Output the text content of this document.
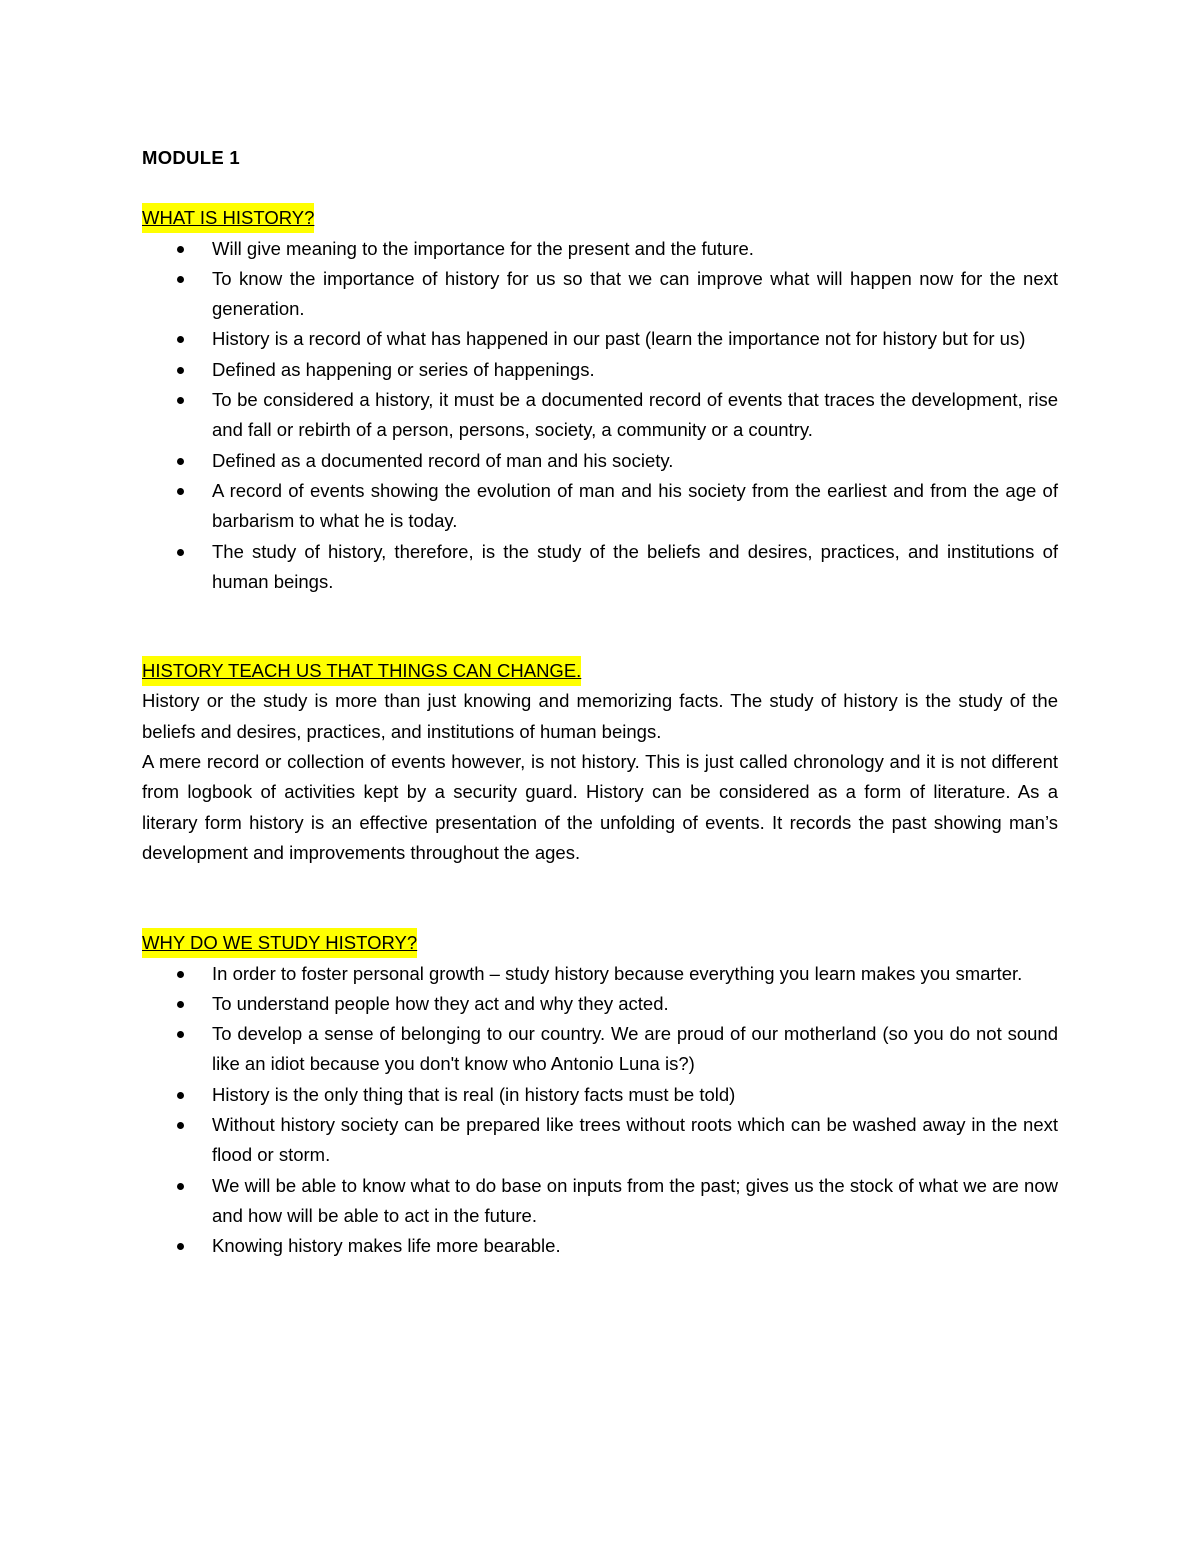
MODULE 1

WHAT IS HISTORY?
Will give meaning to the importance for the present and the future.
To know the importance of history for us so that we can improve what will happen now for the next generation.
History is a record of what has happened in our past (learn the importance not for history but for us)
Defined as happening or series of happenings.
To be considered a history, it must be a documented record of events that traces the development, rise and fall or rebirth of a person, persons, society, a community or a country.
Defined as a documented record of man and his society.
A record of events showing the evolution of man and his society from the earliest and from the age of barbarism to what he is today.
The study of history, therefore, is the study of the beliefs and desires, practices, and institutions of human beings.
HISTORY TEACH US THAT THINGS CAN CHANGE.

History or the study is more than just knowing and memorizing facts. The study of history is the study of the beliefs and desires, practices, and institutions of human beings.

A mere record or collection of events however, is not history. This is just called chronology and it is not different from logbook of activities kept by a security guard. History can be considered as a form of literature. As a literary form history is an effective presentation of the unfolding of events. It records the past showing man’s development and improvements throughout the ages.

WHY DO WE STUDY HISTORY?
In order to foster personal growth – study history because everything you learn makes you smarter.
To understand people how they act and why they acted.
To develop a sense of belonging to our country. We are proud of our motherland (so you do not sound like an idiot because you don't know who Antonio Luna is?)
History is the only thing that is real (in history facts must be told)
Without history society can be prepared like trees without roots which can be washed away in the next flood or storm.
We will be able to know what to do base on inputs from the past; gives us the stock of what we are now and how will be able to act in the future.
Knowing history makes life more bearable.
